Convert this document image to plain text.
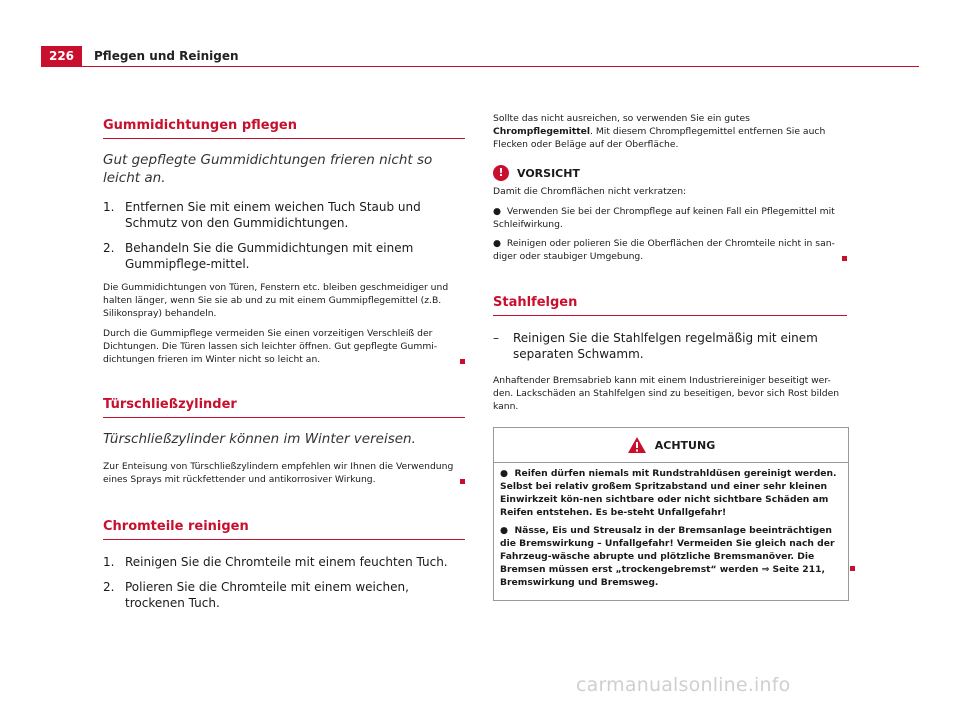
226	Pflegen und Reinigen
Gummidichtungen pflegen
Gut gepflegte Gummidichtungen frieren nicht so leicht an.
1. Entfernen Sie mit einem weichen Tuch Staub und Schmutz von den Gummidichtungen.
2. Behandeln Sie die Gummidichtungen mit einem Gummipflege-mittel.

Die Gummidichtungen von Türen, Fenstern etc. bleiben geschmeidiger und halten länger, wenn Sie sie ab und zu mit einem Gummipflegemittel (z.B. Silikonspray) behandeln.

Durch die Gummipflege vermeiden Sie einen vorzeitigen Verschleiß der Dichtungen. Die Türen lassen sich leichter öffnen. Gut gepflegte Gummi-dichtungen frieren im Winter nicht so leicht an.

Türschließzylinder
Türschließzylinder können im Winter vereisen.

Zur Enteisung von Türschließzylindern empfehlen wir Ihnen die Verwendung eines Sprays mit rückfettender und antikorrosiver Wirkung.

Chromteile reinigen
1. Reinigen Sie die Chromteile mit einem feuchten Tuch.
2. Polieren Sie die Chromteile mit einem weichen, trockenen Tuch.

Sollte das nicht ausreichen, so verwenden Sie ein gutes Chrompflegemittel. Mit diesem Chrompflegemittel entfernen Sie auch Flecken oder Beläge auf der Oberfläche.

!	VORSICHT

Damit die Chromflächen nicht verkratzen:

● Verwenden Sie bei der Chrompflege auf keinen Fall ein Pflegemittel mit Schleifwirkung.

● Reinigen oder polieren Sie die Oberflächen der Chromteile nicht in san-diger oder staubiger Umgebung.

Stahlfelgen
– Reinigen Sie die Stahlfelgen regelmäßig mit einem separaten Schwamm.

Anhaftender Bremsabrieb kann mit einem Industriereiniger beseitigt wer-den. Lackschäden an Stahlfelgen sind zu beseitigen, bevor sich Rost bilden kann.

ACHTUNG

● Reifen dürfen niemals mit Rundstrahldüsen gereinigt werden. Selbst bei relativ großem Spritzabstand und einer sehr kleinen Einwirkzeit kön-nen sichtbare oder nicht sichtbare Schäden am Reifen entstehen. Es be-steht Unfallgefahr!

● Nässe, Eis und Streusalz in der Bremsanlage beeinträchtigen die Bremswirkung – Unfallgefahr! Vermeiden Sie gleich nach der Fahrzeug-wäsche abrupte und plötzliche Bremsmanöver. Die Bremsen müssen erst „trockengebremst“ werden ⇒ Seite 211, Bremswirkung und Bremsweg.

carmanualsonline.info
